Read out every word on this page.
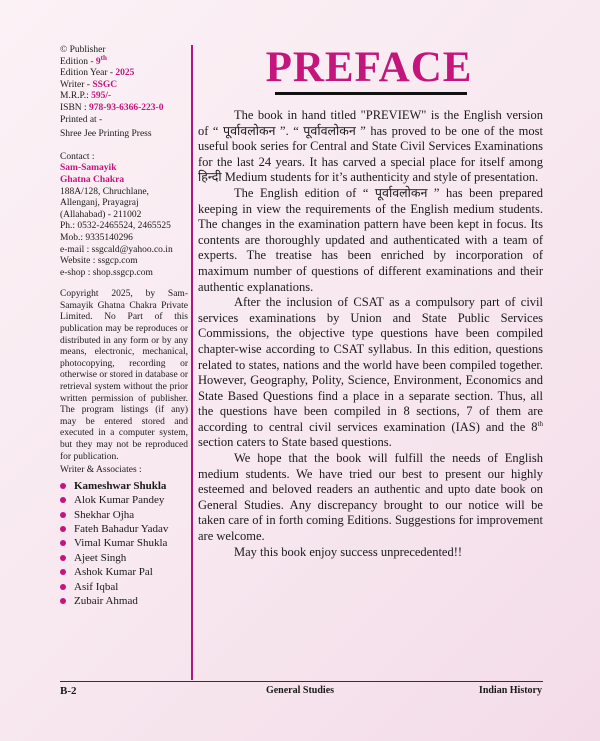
© Publisher
Edition - 9th
Edition Year - 2025
Writer - SSGC
M.R.P.: 595/-
ISBN : 978-93-6366-223-0
Printed at -
Shree Jee Printing Press
Contact :
Sam-Samayik
Ghatna Chakra
188A/128, Chruchlane,
Allenganj, Prayagraj
(Allahabad) - 211002
Ph.: 0532-2465524, 2465525
Mob.: 9335140296
e-mail : ssgcald@yahoo.co.in
Website : ssgcp.com
e-shop : shop.ssgcp.com
Copyright 2025, by Sam-Samayik Ghatna Chakra Private Limited. No Part of this publication may be reproduces or distributed in any form or by any means, electronic, mechanical, photocopying, recording or otherwise or stored in database or retrieval system without the prior written permission of publisher. The program listings (if any) may be entered stored and executed in a computer system, but they may not be reproduced for publication.
Writer & Associates :
Kameshwar Shukla
Alok Kumar Pandey
Shekhar Ojha
Fateh Bahadur Yadav
Vimal Kumar Shukla
Ajeet Singh
Ashok Kumar Pal
Asif Iqbal
Zubair Ahmad
PREFACE

The book in hand titled "PREVIEW" is the English version of “ पूर्वावलोकन ”. “ पूर्वावलोकन ” has proved to be one of the most useful book series for Central and State Civil Services Examinations for the last 24 years. It has carved a special place for itself among हिन्दी Medium students for it’s authenticity and style of presentation.

The English edition of “ पूर्वावलोकन ” has been prepared keeping in view the requirements of the English medium students. The changes in the examination pattern have been kept in focus. Its contents are thoroughly updated and authenticated with a team of experts. The treatise has been enriched by incorporation of maximum number of questions of different examinations and their authentic explanations.

After the inclusion of CSAT as a compulsory part of civil services examinations by Union and State Public Services Commissions, the objective type questions have been compiled chapter-wise according to CSAT syllabus. In this edition, questions related to states, nations and the world have been compiled together. However, Geography, Polity, Science, Environment, Economics and State Based Questions find a place in a separate section. Thus, all the questions have been compiled in 8 sections, 7 of them are according to central civil services examination (IAS) and the 8th section caters to State based questions.

We hope that the book will fulfill the needs of English medium students. We have tried our best to present our highly esteemed and beloved readers an authentic and upto date book on General Studies. Any discrepancy brought to our notice will be taken care of in forth coming Editions. Suggestions for improvement are welcome.

May this book enjoy success unprecedented!!

B-2	General Studies	Indian History
